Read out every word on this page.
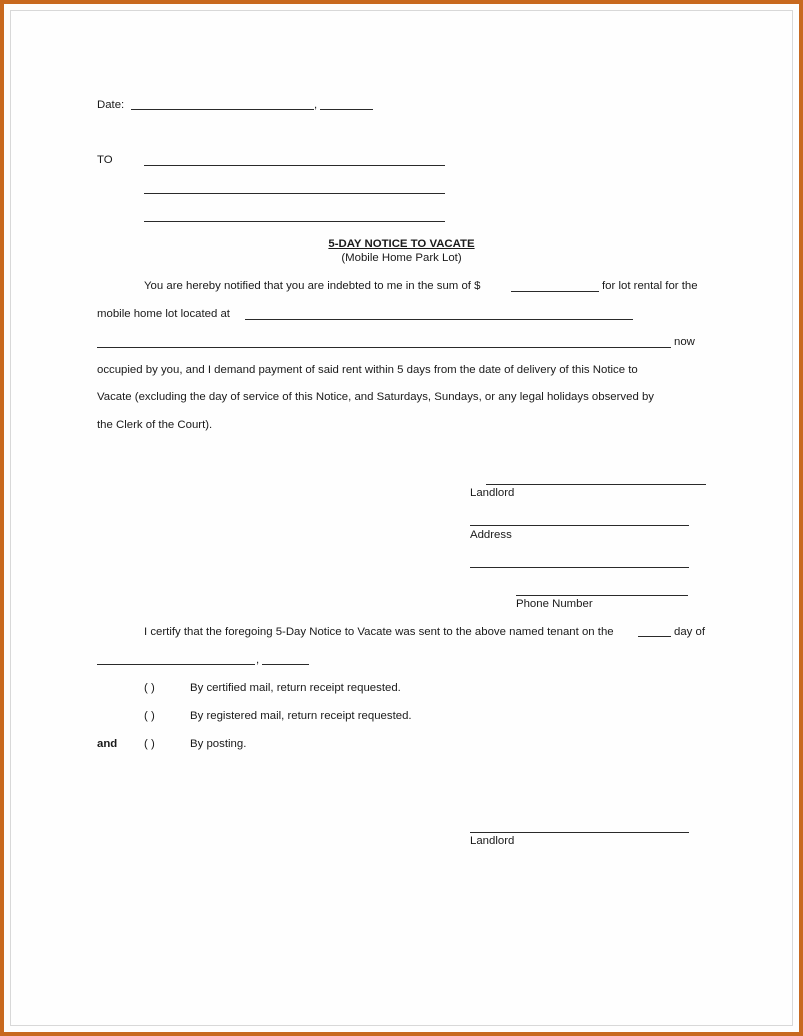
Date:	,
TO
5-DAY NOTICE TO VACATE
(Mobile Home Park Lot)
You are hereby notified that you are indebted to me in the sum of $	for lot rental for the
mobile home lot located at
now
occupied by you, and I demand payment of said rent within 5 days from the date of delivery of this Notice to
Vacate (excluding the day of service of this Notice, and Saturdays, Sundays, or any legal holidays observed by
the Clerk of the Court).
Landlord
Address
Phone Number
I certify that the foregoing 5-Day Notice to Vacate was sent to the above named tenant on the	day of
,
( )	By certified mail, return receipt requested.
( )	By registered mail, return receipt requested.
and ( )	By posting.
Landlord
